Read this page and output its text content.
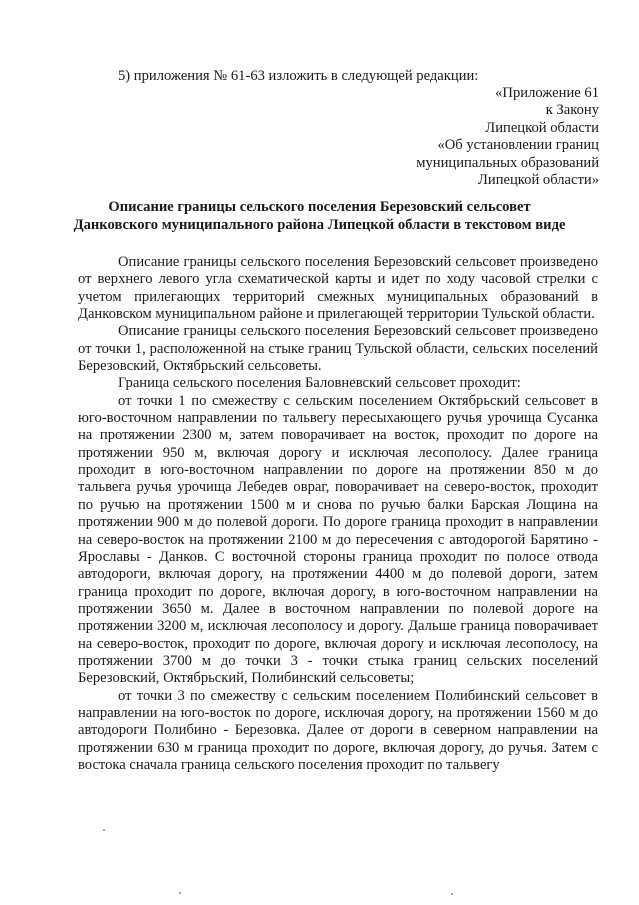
5) приложения № 61-63 изложить в следующей редакции:
«Приложение 61
к Закону
Липецкой области
«Об установлении границ
муниципальных образований
Липецкой области»
Описание границы сельского поселения Березовский сельсовет
Данковского муниципального района Липецкой области в текстовом виде

Описание границы сельского поселения Березовский сельсовет произведено от верхнего левого угла схематической карты и идет по ходу часовой стрелки с учетом прилегающих территорий смежных муниципальных образований в Данковском муниципальном районе и прилегающей территории Тульской области.

Описание границы сельского поселения Березовский сельсовет произведено от точки 1, расположенной на стыке границ Тульской области, сельских поселений Березовский, Октябрьский сельсоветы.

Граница сельского поселения Баловневский сельсовет проходит:

от точки 1 по смежеству с сельским поселением Октябрьский сельсовет в юго-восточном направлении по тальвегу пересыхающего ручья урочища Сусанка на протяжении 2300 м, затем поворачивает на восток, проходит по дороге на протяжении 950 м, включая дорогу и исключая лесополосу. Далее граница проходит в юго-восточном направлении по дороге на протяжении 850 м до тальвега ручья урочища Лебедев овраг, поворачивает на северо-восток, проходит по ручью на протяжении 1500 м и снова по ручью балки Барская Лощина на протяжении 900 м до полевой дороги. По дороге граница проходит в направлении на северо-восток на протяжении 2100 м до пересечения с автодорогой Барятино - Ярославы - Данков. С восточной стороны граница проходит по полосе отвода автодороги, включая дорогу, на протяжении 4400 м до полевой дороги, затем граница проходит по дороге, включая дорогу, в юго-восточном направлении на протяжении 3650 м. Далее в восточном направлении по полевой дороге на протяжении 3200 м, исключая лесополосу и дорогу. Дальше граница поворачивает на северо-восток, проходит по дороге, включая дорогу и исключая лесополосу, на протяжении 3700 м до точки 3 - точки стыка границ сельских поселений Березовский, Октябрьский, Полибинский сельсоветы;

от точки 3 по смежеству с сельским поселением Полибинский сельсовет в направлении на юго-восток по дороге, исключая дорогу, на протяжении 1560 м до автодороги Полибино - Березовка. Далее от дороги в северном направлении на протяжении 630 м граница проходит по дороге, включая дорогу, до ручья. Затем с востока сначала граница сельского поселения проходит по тальвегу
